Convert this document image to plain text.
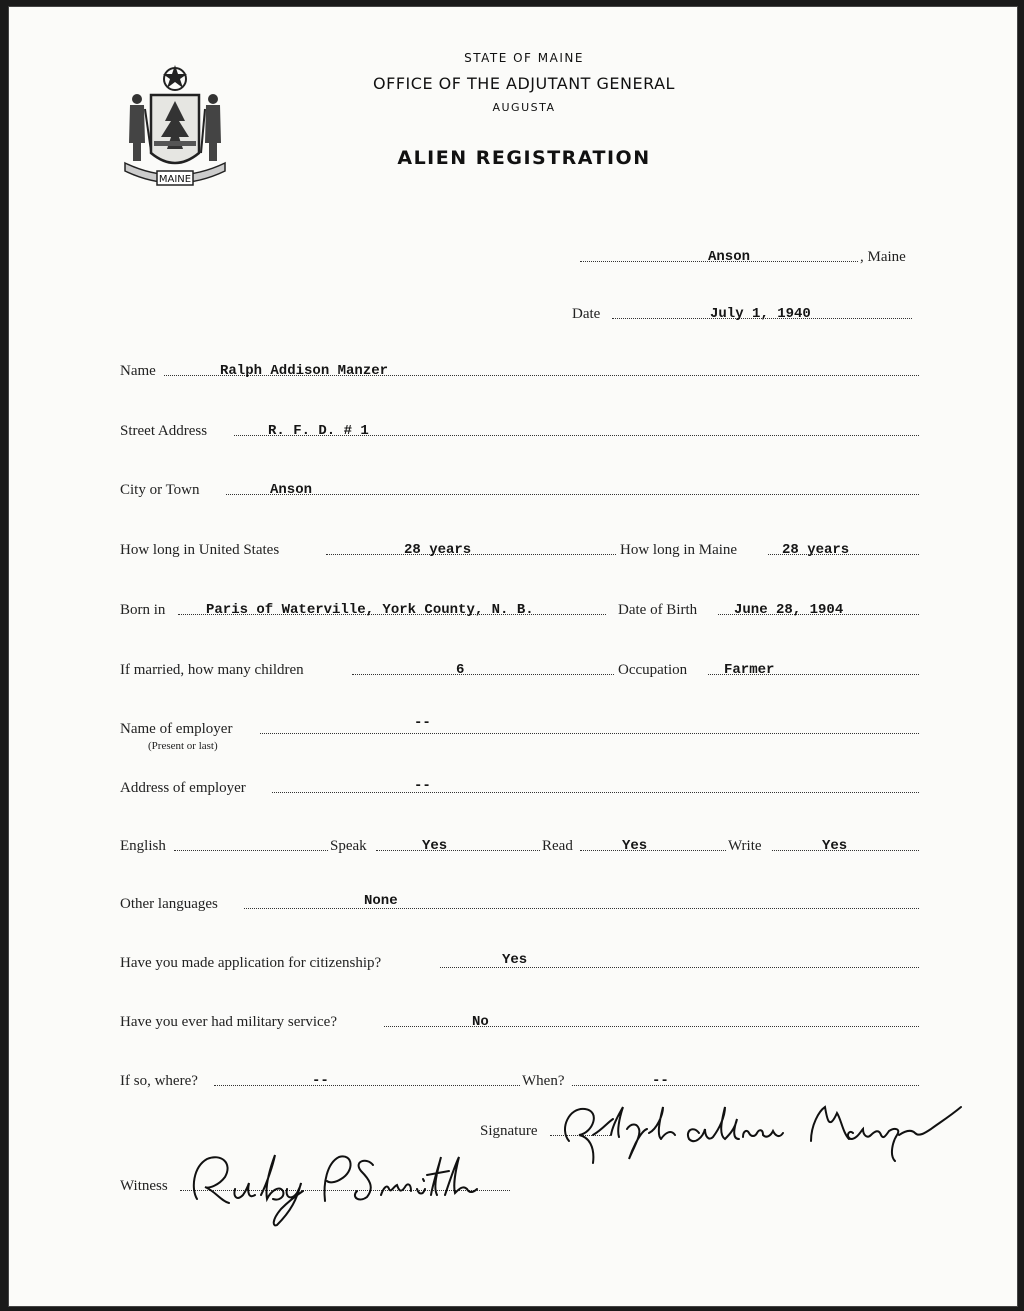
MAINE
STATE OF MAINE
OFFICE OF THE ADJUTANT GENERAL
AUGUSTA
ALIEN REGISTRATION
Anson	, Maine
Date	July 1, 1940
Name	Ralph Addison Manzer
Street Address	R. F. D. # 1
City or Town	Anson
How long in United States	28 years	How long in Maine	28 years
Born in	Paris of Waterville, York County, N. B.	Date of Birth	June 28, 1904
If married, how many children	6	Occupation	Farmer
Name of employer	--
(Present or last)
Address of employer	--
English	Speak	Yes	Read	Yes	Write	Yes
Other languages	None
Have you made application for citizenship?	Yes
Have you ever had military service?	No
If so, where?	--	When?	--
Signature
Witness
